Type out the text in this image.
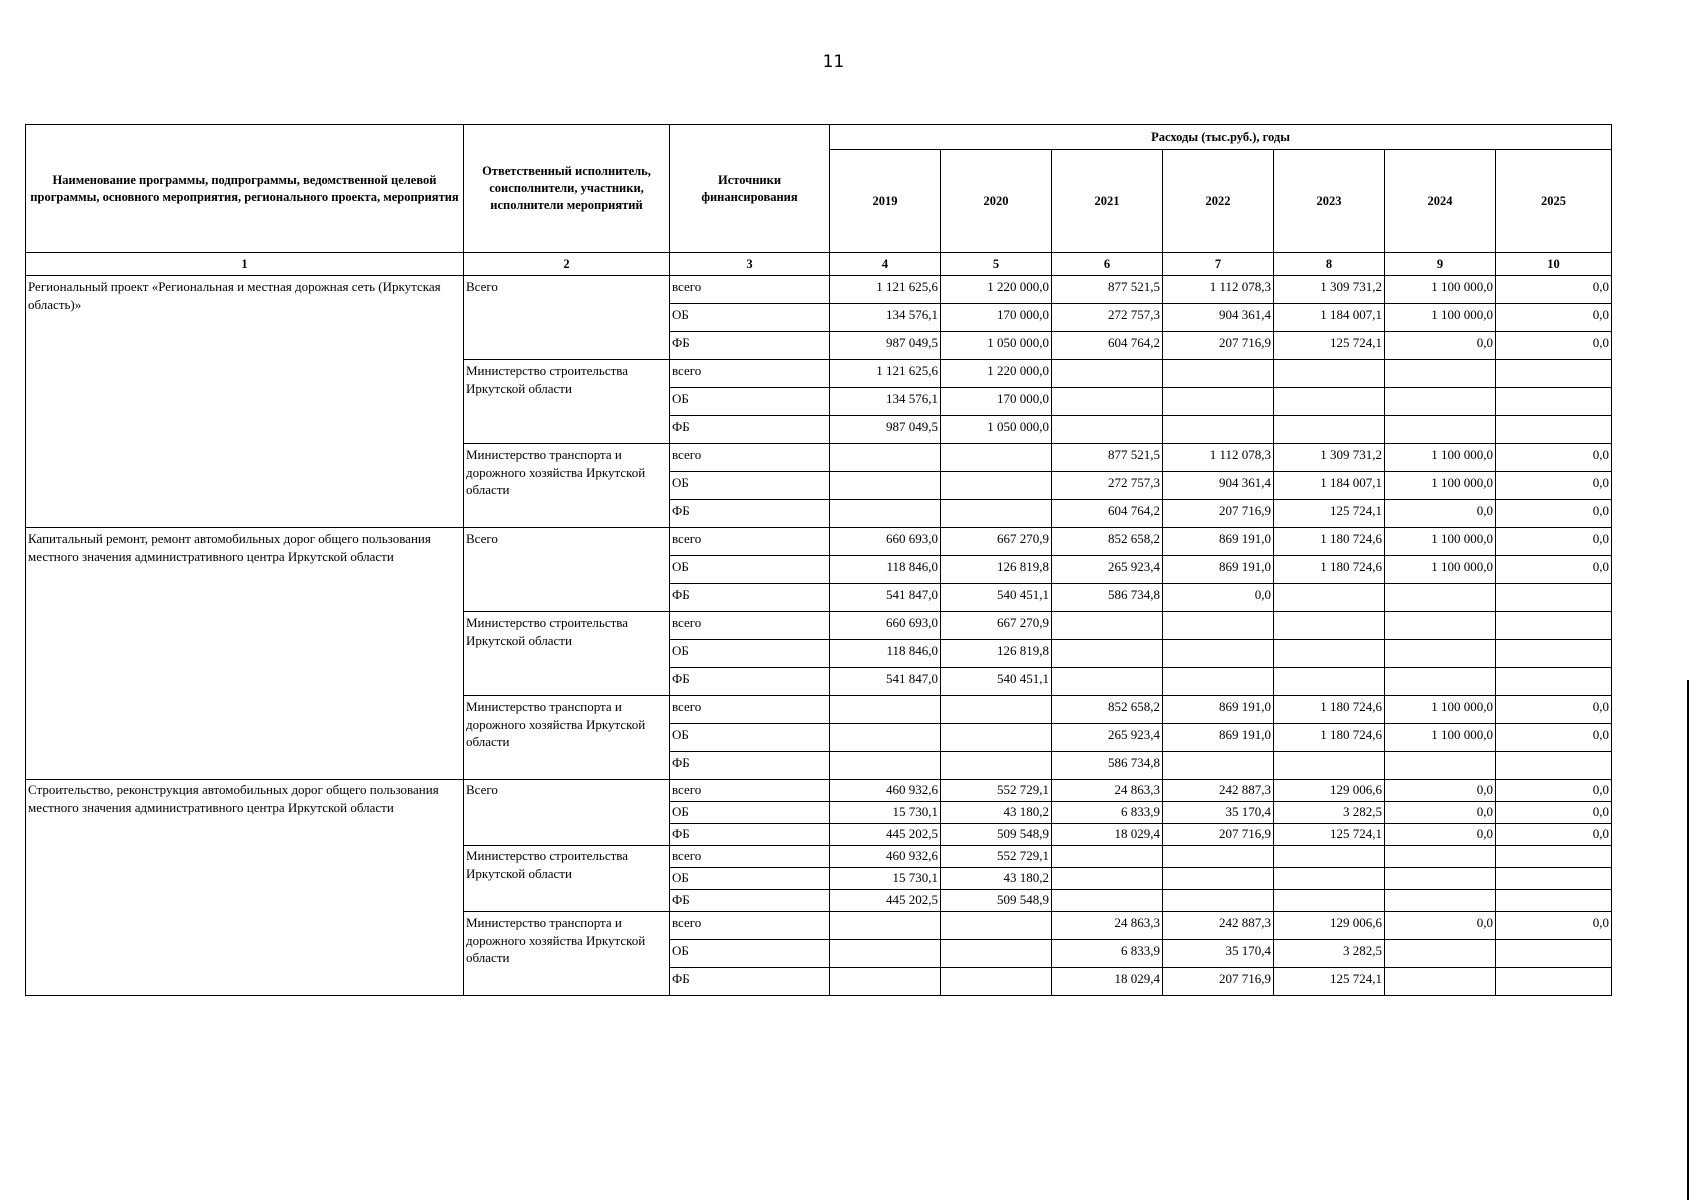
11
Наименование программы, подпрограммы, ведомственной целевой программы, основного мероприятия, регионального проекта, мероприятия	Ответственный исполнитель, соисполнители, участники, исполнители мероприятий	Источники финансирования	Расходы (тыс.руб.), годы						
			2019	2020	2021	2022	2023	2024	2025
1	2	3	4	5	6	7	8	9	10
Региональный проект «Региональная и местная дорожная сеть (Иркутская область)»	Всего	всего	1 121 625,6	1 220 000,0	877 521,5	1 112 078,3	1 309 731,2	1 100 000,0	0,0
		ОБ	134 576,1	170 000,0	272 757,3	904 361,4	1 184 007,1	1 100 000,0	0,0
		ФБ	987 049,5	1 050 000,0	604 764,2	207 716,9	125 724,1	0,0	0,0
	Министерство строительства Иркутской области	всего	1 121 625,6	1 220 000,0					
		ОБ	134 576,1	170 000,0					
		ФБ	987 049,5	1 050 000,0					
	Министерство транспорта и дорожного хозяйства Иркутской области	всего			877 521,5	1 112 078,3	1 309 731,2	1 100 000,0	0,0
		ОБ			272 757,3	904 361,4	1 184 007,1	1 100 000,0	0,0
		ФБ			604 764,2	207 716,9	125 724,1	0,0	0,0
Капитальный ремонт, ремонт автомобильных дорог общего пользования местного значения административного центра Иркутской области	Всего	всего	660 693,0	667 270,9	852 658,2	869 191,0	1 180 724,6	1 100 000,0	0,0
		ОБ	118 846,0	126 819,8	265 923,4	869 191,0	1 180 724,6	1 100 000,0	0,0
		ФБ	541 847,0	540 451,1	586 734,8	0,0			
	Министерство строительства Иркутской области	всего	660 693,0	667 270,9					
		ОБ	118 846,0	126 819,8					
		ФБ	541 847,0	540 451,1					
	Министерство транспорта и дорожного хозяйства Иркутской области	всего			852 658,2	869 191,0	1 180 724,6	1 100 000,0	0,0
		ОБ			265 923,4	869 191,0	1 180 724,6	1 100 000,0	0,0
		ФБ			586 734,8				
Строительство, реконструкция автомобильных дорог общего пользования местного значения административного центра Иркутской области	Всего	всего	460 932,6	552 729,1	24 863,3	242 887,3	129 006,6	0,0	0,0
		ОБ	15 730,1	43 180,2	6 833,9	35 170,4	3 282,5	0,0	0,0
		ФБ	445 202,5	509 548,9	18 029,4	207 716,9	125 724,1	0,0	0,0
	Министерство строительства Иркутской области	всего	460 932,6	552 729,1					
		ОБ	15 730,1	43 180,2					
		ФБ	445 202,5	509 548,9					
	Министерство транспорта и дорожного хозяйства Иркутской области	всего			24 863,3	242 887,3	129 006,6	0,0	0,0
		ОБ			6 833,9	35 170,4	3 282,5		
		ФБ			18 029,4	207 716,9	125 724,1		
